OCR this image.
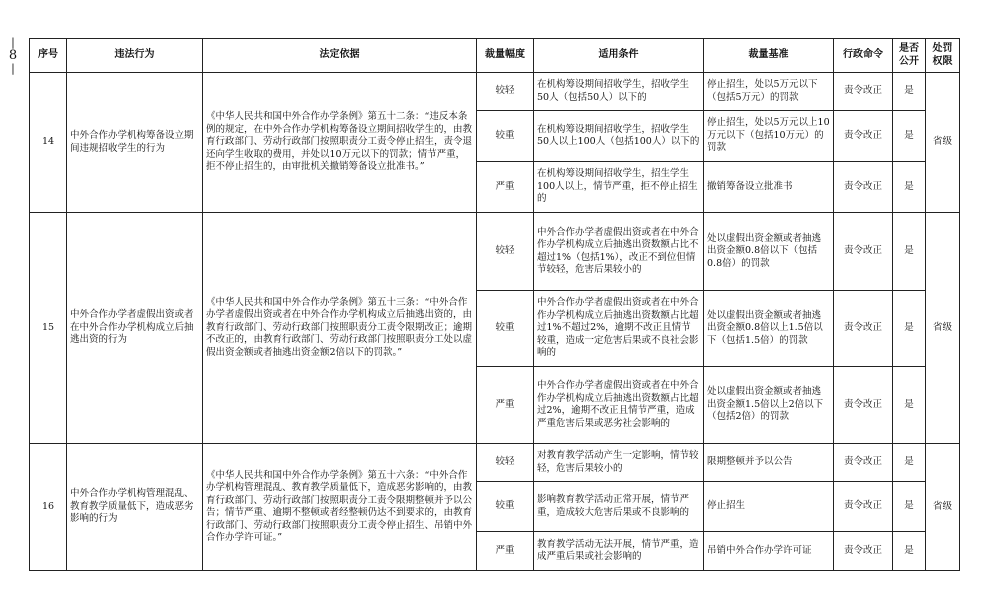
|
8
|
序号	违法行为	法定依据	裁量幅度	适用条件	裁量基准	行政命令	是否公开	处罚权限
14	中外合作办学机构筹备设立期间违规招收学生的行为	《中华人民共和国中外合作办学条例》第五十二条：“违反本条例的规定，在中外合作办学机构筹备设立期间招收学生的，由教育行政部门、劳动行政部门按照职责分工责令停止招生，责令退还向学生收取的费用，并处以10万元以下的罚款；情节严重，拒不停止招生的，由审批机关撤销筹备设立批准书。”	较轻	在机构筹设期间招收学生，招收学生50人（包括50人）以下的	停止招生，处以5万元以下（包括5万元）的罚款	责令改正	是	省级
			较重	在机构筹设期间招收学生，招收学生50人以上100人（包括100人）以下的	停止招生，处以5万元以上10万元以下（包括10万元）的罚款	责令改正	是	
			严重	在机构筹设期间招收学生，招生学生100人以上，情节严重，拒不停止招生的	撤销筹备设立批准书	责令改正	是	
15	中外合作办学者虚假出资或者在中外合作办学机构成立后抽逃出资的行为	《中华人民共和国中外合作办学条例》第五十三条：“中外合作办学者虚假出资或者在中外合作办学机构成立后抽逃出资的，由教育行政部门、劳动行政部门按照职责分工责令限期改正；逾期不改正的，由教育行政部门、劳动行政部门按照职责分工处以虚假出资金额或者抽逃出资金额2倍以下的罚款。”	较轻	中外合作办学者虚假出资或者在中外合作办学机构成立后抽逃出资数额占比不超过1%（包括1%），改正不到位但情节较轻，危害后果较小的	处以虚假出资金额或者抽逃出资金额0.8倍以下（包括0.8倍）的罚款	责令改正	是	省级
			较重	中外合作办学者虚假出资或者在中外合作办学机构成立后抽逃出资数额占比超过1%不超过2%，逾期不改正且情节较重，造成一定危害后果或不良社会影响的	处以虚假出资金额或者抽逃出资金额0.8倍以上1.5倍以下（包括1.5倍）的罚款	责令改正	是	
			严重	中外合作办学者虚假出资或者在中外合作办学机构成立后抽逃出资数额占比超过2%，逾期不改正且情节严重，造成严重危害后果或恶劣社会影响的	处以虚假出资金额或者抽逃出资金额1.5倍以上2倍以下（包括2倍）的罚款	责令改正	是	
16	中外合作办学机构管理混乱、教育教学质量低下，造成恶劣影响的行为	《中华人民共和国中外合作办学条例》第五十六条：“中外合作办学机构管理混乱、教育教学质量低下，造成恶劣影响的，由教育行政部门、劳动行政部门按照职责分工责令限期整顿并予以公告；情节严重、逾期不整顿或者经整顿仍达不到要求的，由教育行政部门、劳动行政部门按照职责分工责令停止招生、吊销中外合作办学许可证。”	较轻	对教育教学活动产生一定影响，情节较轻，危害后果较小的	限期整顿并予以公告	责令改正	是	省级
			较重	影响教育教学活动正常开展，情节严重，造成较大危害后果或不良影响的	停止招生	责令改正	是	
			严重	教育教学活动无法开展，情节严重，造成严重后果或社会影响的	吊销中外合作办学许可证	责令改正	是	
